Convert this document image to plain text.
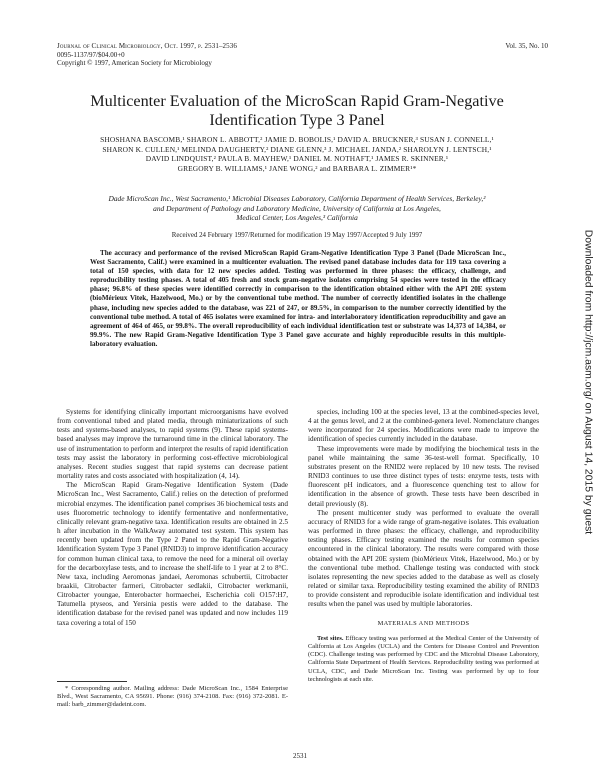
Journal of Clinical Microbiology, Oct. 1997, p. 2531–2536
0095-1137/97/$04.00+0
Copyright © 1997, American Society for Microbiology
Vol. 35, No. 10
Multicenter Evaluation of the MicroScan Rapid Gram-Negative
Identification Type 3 Panel
SHOSHANA BASCOMB,¹ SHARON L. ABBOTT,² JAMIE D. BOBOLIS,¹ DAVID A. BRUCKNER,³ SUSAN J. CONNELL,¹
SHARON K. CULLEN,¹ MELINDA DAUGHERTY,² DIANE GLENN,³ J. MICHAEL JANDA,² SHAROLYN J. LENTSCH,¹
DAVID LINDQUIST,² PAULA B. MAYHEW,¹ DANIEL M. NOTHAFT,¹ JAMES R. SKINNER,¹
GREGORY B. WILLIAMS,¹ JANE WONG,² and BARBARA L. ZIMMER¹*
Dade MicroScan Inc., West Sacramento,¹ Microbial Diseases Laboratory, California Department of Health Services, Berkeley,²
and Department of Pathology and Laboratory Medicine, University of California at Los Angeles,
Medical Center, Los Angeles,³ California
Received 24 February 1997/Returned for modification 19 May 1997/Accepted 9 July 1997
The accuracy and performance of the revised MicroScan Rapid Gram-Negative Identification Type 3 Panel (Dade MicroScan Inc., West Sacramento, Calif.) were examined in a multicenter evaluation. The revised panel database includes data for 119 taxa covering a total of 150 species, with data for 12 new species added. Testing was performed in three phases: the efficacy, challenge, and reproducibility testing phases. A total of 405 fresh and stock gram-negative isolates comprising 54 species were tested in the efficacy phase; 96.8% of these species were identified correctly in comparison to the identification obtained either with the API 20E system (bioMérieux Vitek, Hazelwood, Mo.) or by the conventional tube method. The number of correctly identified isolates in the challenge phase, including new species added to the database, was 221 of 247, or 89.5%, in comparison to the number correctly identified by the conventional tube method. A total of 465 isolates were examined for intra- and interlaboratory identification reproducibility and gave an agreement of 464 of 465, or 99.8%. The overall reproducibility of each individual identification test or substrate was 14,373 of 14,384, or 99.9%. The new Rapid Gram-Negative Identification Type 3 Panel gave accurate and highly reproducible results in this multiple-laboratory evaluation.

Systems for identifying clinically important microorganisms have evolved from conventional tubed and plated media, through miniaturizations of such tests and systems-based analyses, to rapid systems (9). These rapid systems-based analyses may improve the turnaround time in the clinical laboratory. The use of instrumentation to perform and interpret the results of rapid identification tests may assist the laboratory in performing cost-effective microbiological analyses. Recent studies suggest that rapid systems can decrease patient mortality rates and costs associated with hospitalization (4, 14).

The MicroScan Rapid Gram-Negative Identification System (Dade MicroScan Inc., West Sacramento, Calif.) relies on the detection of preformed microbial enzymes. The identification panel comprises 36 biochemical tests and uses fluorometric technology to identify fermentative and nonfermentative, clinically relevant gram-negative taxa. Identification results are obtained in 2.5 h after incubation in the WalkAway automated test system. This system has recently been updated from the Type 2 Panel to the Rapid Gram-Negative Identification System Type 3 Panel (RNID3) to improve identification accuracy for common human clinical taxa, to remove the need for a mineral oil overlay for the decarboxylase tests, and to increase the shelf-life to 1 year at 2 to 8°C. New taxa, including Aeromonas jandaei, Aeromonas schubertii, Citrobacter braakii, Citrobacter farmeri, Citrobacter sedlakii, Citrobacter werkmanii, Citrobacter youngae, Enterobacter hormaechei, Escherichia coli O157:H7, Tatumella ptyseos, and Yersinia pestis were added to the database. The identification database for the revised panel was updated and now includes 119 taxa covering a total of 150

species, including 100 at the species level, 13 at the combined-species level, 4 at the genus level, and 2 at the combined-genera level. Nomenclature changes were incorporated for 24 species. Modifications were made to improve the identification of species currently included in the database.

These improvements were made by modifying the biochemical tests in the panel while maintaining the same 36-test-well format. Specifically, 10 substrates present on the RNID2 were replaced by 10 new tests. The revised RNID3 continues to use three distinct types of tests: enzyme tests, tests with fluorescent pH indicators, and a fluorescence quenching test to allow for identification in the absence of growth. These tests have been described in detail previously (8).

The present multicenter study was performed to evaluate the overall accuracy of RNID3 for a wide range of gram-negative isolates. This evaluation was performed in three phases: the efficacy, challenge, and reproducibility testing phases. Efficacy testing examined the results for common species encountered in the clinical laboratory. The results were compared with those obtained with the API 20E system (bioMérieux Vitek, Hazelwood, Mo.) or by the conventional tube method. Challenge testing was conducted with stock isolates representing the new species added to the database as well as closely related or similar taxa. Reproducibility testing examined the ability of RNID3 to provide consistent and reproducible isolate identification and individual test results when the panel was used by multiple laboratories.

MATERIALS AND METHODS

Test sites. Efficacy testing was performed at the Medical Center of the University of California at Los Angeles (UCLA) and the Centers for Disease Control and Prevention (CDC). Challenge testing was performed by CDC and the Microbial Disease Laboratory, California State Department of Health Services. Reproducibility testing was performed at UCLA, CDC, and Dade MicroScan Inc. Testing was performed by up to four technologists at each site.

* Corresponding author. Mailing address: Dade MicroScan Inc., 1584 Enterprise Blvd., West Sacramento, CA 95691. Phone: (916) 374-2108. Fax: (916) 372-2081. E-mail: barb_zimmer@dadeint.com.
2531
Downloaded from http://jcm.asm.org/ on August 14, 2015 by guest
